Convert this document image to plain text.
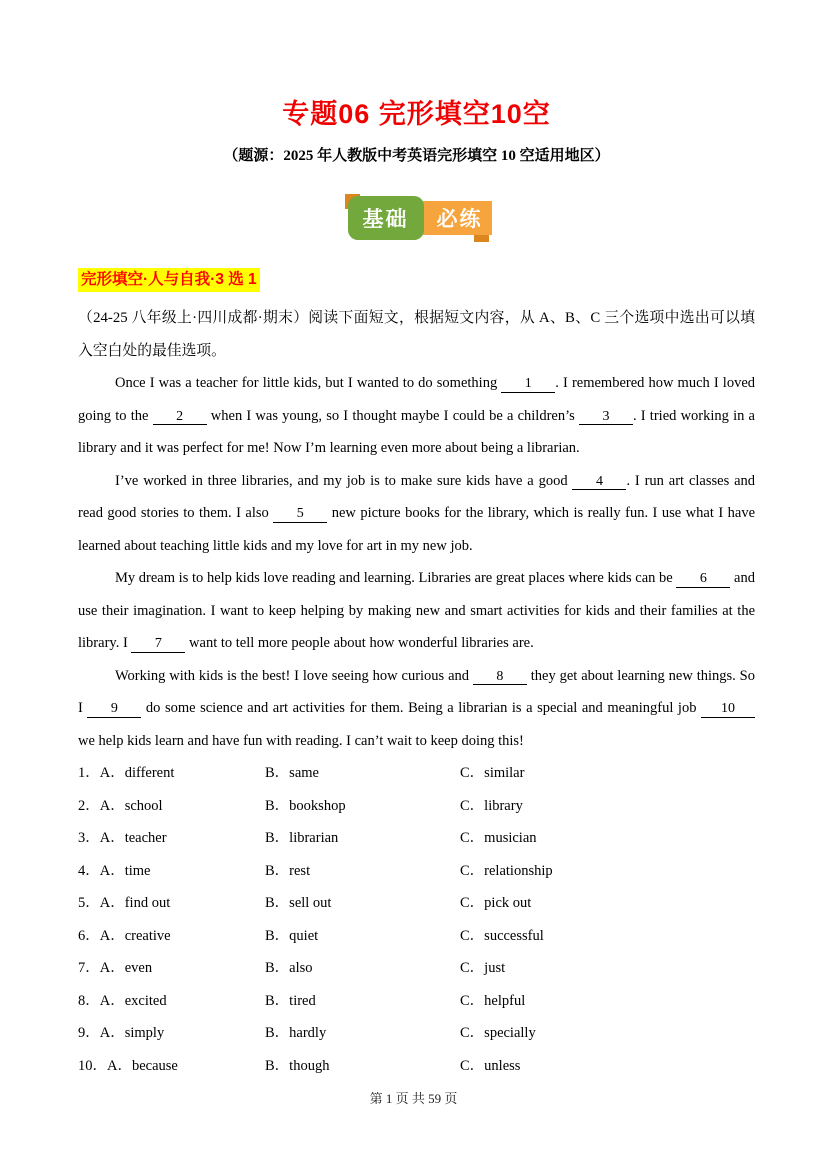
专题06 完形填空10空
（题源：2025 年人教版中考英语完形填空 10 空适用地区）
基础	必练
完形填空·人与自我·3 选 1

（24-25 八年级上·四川成都·期末）阅读下面短文，根据短文内容，从 A、B、C 三个选项中选出可以填入空白处的最佳选项。

Once I was a teacher for little kids, but I wanted to do something 1 . I remembered how much I loved going to the 2 when I was young, so I thought maybe I could be a children’s 3 . I tried working in a library and it was perfect for me! Now I’m learning even more about being a librarian.

I’ve worked in three libraries, and my job is to make sure kids have a good 4 . I run art classes and read good stories to them. I also 5 new picture books for the library, which is really fun. I use what I have learned about teaching little kids and my love for art in my new job.

My dream is to help kids love reading and learning. Libraries are great places where kids can be 6 and use their imagination. I want to keep helping by making new and smart activities for kids and their families at the library. I 7 want to tell more people about how wonderful libraries are.

Working with kids is the best! I love seeing how curious and 8 they get about learning new things. So I 9 do some science and art activities for them. Being a librarian is a special and meaningful job 10 we help kids learn and have fun with reading. I can’t wait to keep doing this!

1．A．different	B．same	C．similar
2．A．school	B．bookshop	C．library
3．A．teacher	B．librarian	C．musician
4．A．time	B．rest	C．relationship
5．A．find out	B．sell out	C．pick out
6．A．creative	B．quiet	C．successful
7．A．even	B．also	C．just
8．A．excited	B．tired	C．helpful
9．A．simply	B．hardly	C．specially
10．A．because	B．though	C．unless
第 1 页 共 59 页
